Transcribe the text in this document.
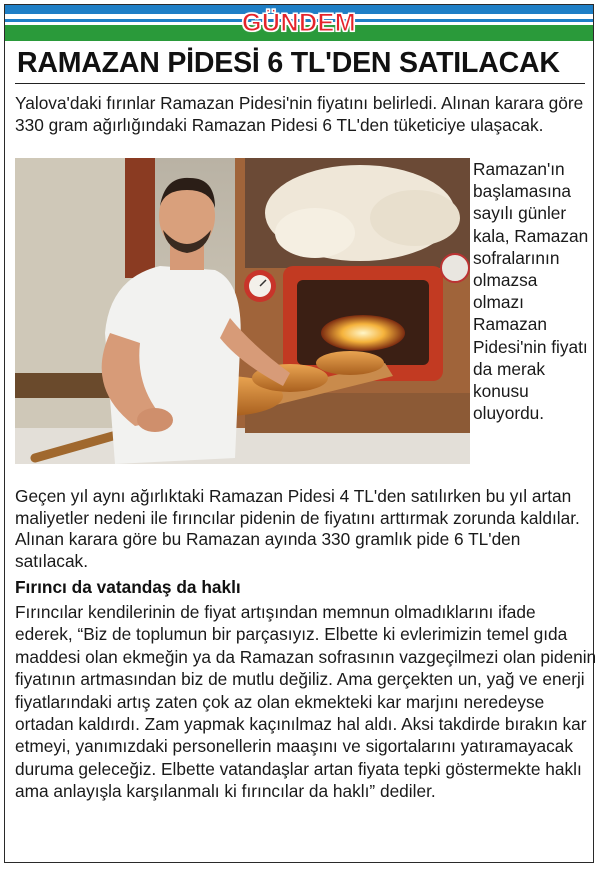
GÜNDEM
RAMAZAN PİDESİ 6 TL'DEN SATILACAK
Yalova'daki fırınlar Ramazan Pidesi'nin fiyatını belirledi. Alınan karara göre 330 gram ağırlığındaki Ramazan Pidesi 6 TL'den tüketiciye ulaşacak.
Ramazan'ın başlamasına sayılı günler kala, Ramazan sofralarının olmazsa olmazı Ramazan Pidesi'nin fiyatı da merak konusu oluyordu.
Geçen yıl aynı ağırlıktaki Ramazan Pidesi 4 TL'den satılırken bu yıl artan maliyetler nedeni ile fırıncılar pidenin de fiyatını arttırmak zorunda kaldılar. Alınan karara göre bu Ramazan ayında 330 gramlık pide 6 TL'den satılacak.
Fırıncı da vatandaş da haklı
Fırıncılar kendilerinin de fiyat artışından memnun olmadıklarını ifade ederek, “Biz de toplumun bir parçasıyız. Elbette ki evlerimizin temel gıda maddesi olan ekmeğin ya da Ramazan sofrasının vazgeçilmezi olan pidenin fiyatının artmasından biz de mutlu değiliz. Ama gerçekten un, yağ ve enerji fiyatlarındaki artış zaten çok az olan ekmekteki kar marjını neredeyse ortadan kaldırdı. Zam yapmak kaçınılmaz hal aldı. Aksi takdirde bırakın kar etmeyi, yanımızdaki personellerin maaşını ve sigortalarını yatıramayacak duruma geleceğiz. Elbette vatandaşlar artan fiyata tepki göstermekte haklı ama anlayışla karşılanmalı ki fırıncılar da haklı” dediler.
